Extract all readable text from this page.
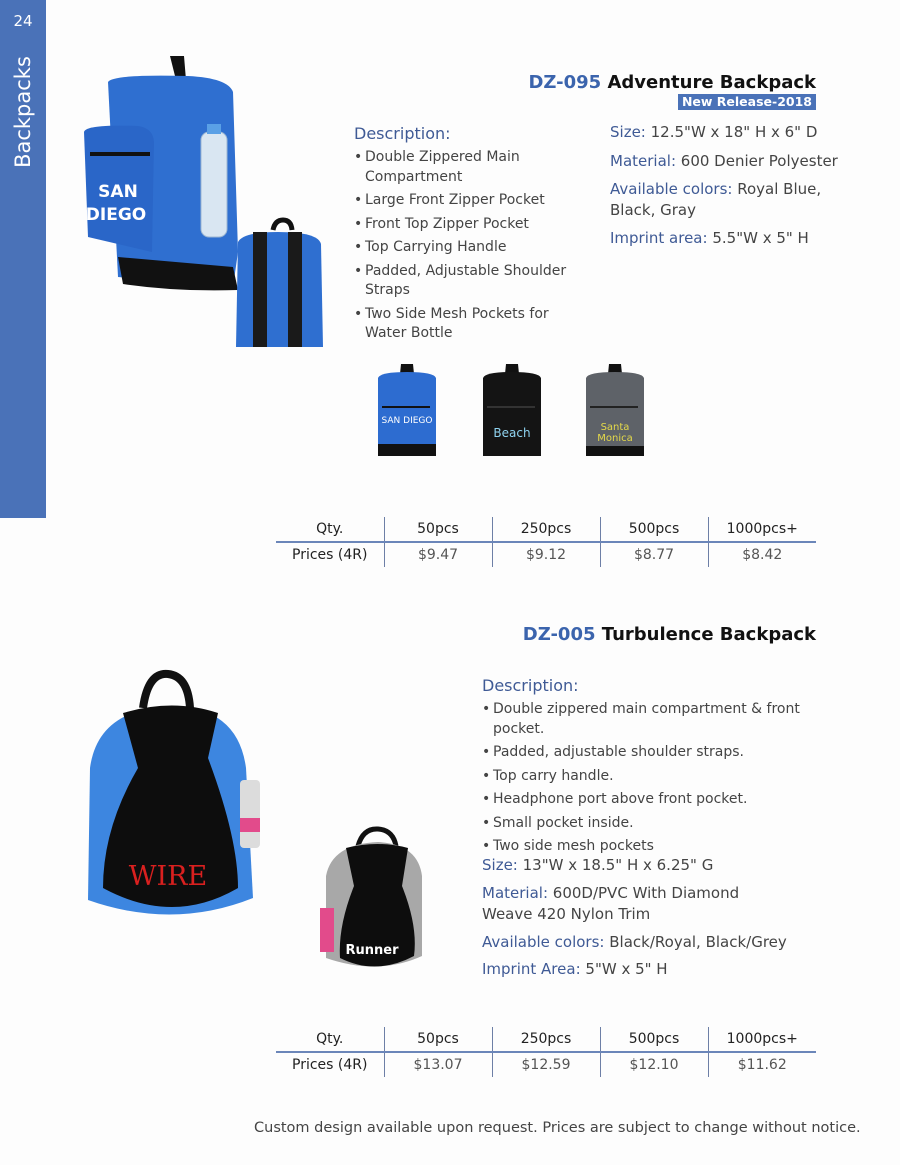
24
Backpacks	DZ-095 Adventure Backpack
New Release-2018
SAN
DIEGO
Description:
• Double Zippered Main Compartment
• Large Front Zipper Pocket
• Front Top Zipper Pocket
• Top Carrying Handle
• Padded, Adjustable Shoulder Straps
• Two Side Mesh Pockets for Water Bottle
Size: 12.5"W x 18" H x 6" D
Material: 600 Denier Polyester
Available colors: Royal Blue, Black, Gray
Imprint area: 5.5"W x 5" H
SAN DIEGO
Beach	Santa Monica
Qty.	50pcs	250pcs	500pcs	1000pcs+
Prices (4R)	$9.47	$9.12	$8.77	$8.42
DZ-005 Turbulence Backpack
WIRE
Runner
Description:
• Double zippered main compartment & front pocket.
• Padded, adjustable shoulder straps.
• Top carry handle.
• Headphone port above front pocket.
• Small pocket inside.
• Two side mesh pockets
Size: 13"W x 18.5" H x 6.25" G
Material: 600D/PVC With Diamond Weave 420 Nylon Trim
Available colors: Black/Royal, Black/Grey
Imprint Area: 5"W x 5" H
Qty.	50pcs	250pcs	500pcs	1000pcs+
Prices (4R)	$13.07	$12.59	$12.10	$11.62
Custom design available upon request. Prices are subject to change without notice.
